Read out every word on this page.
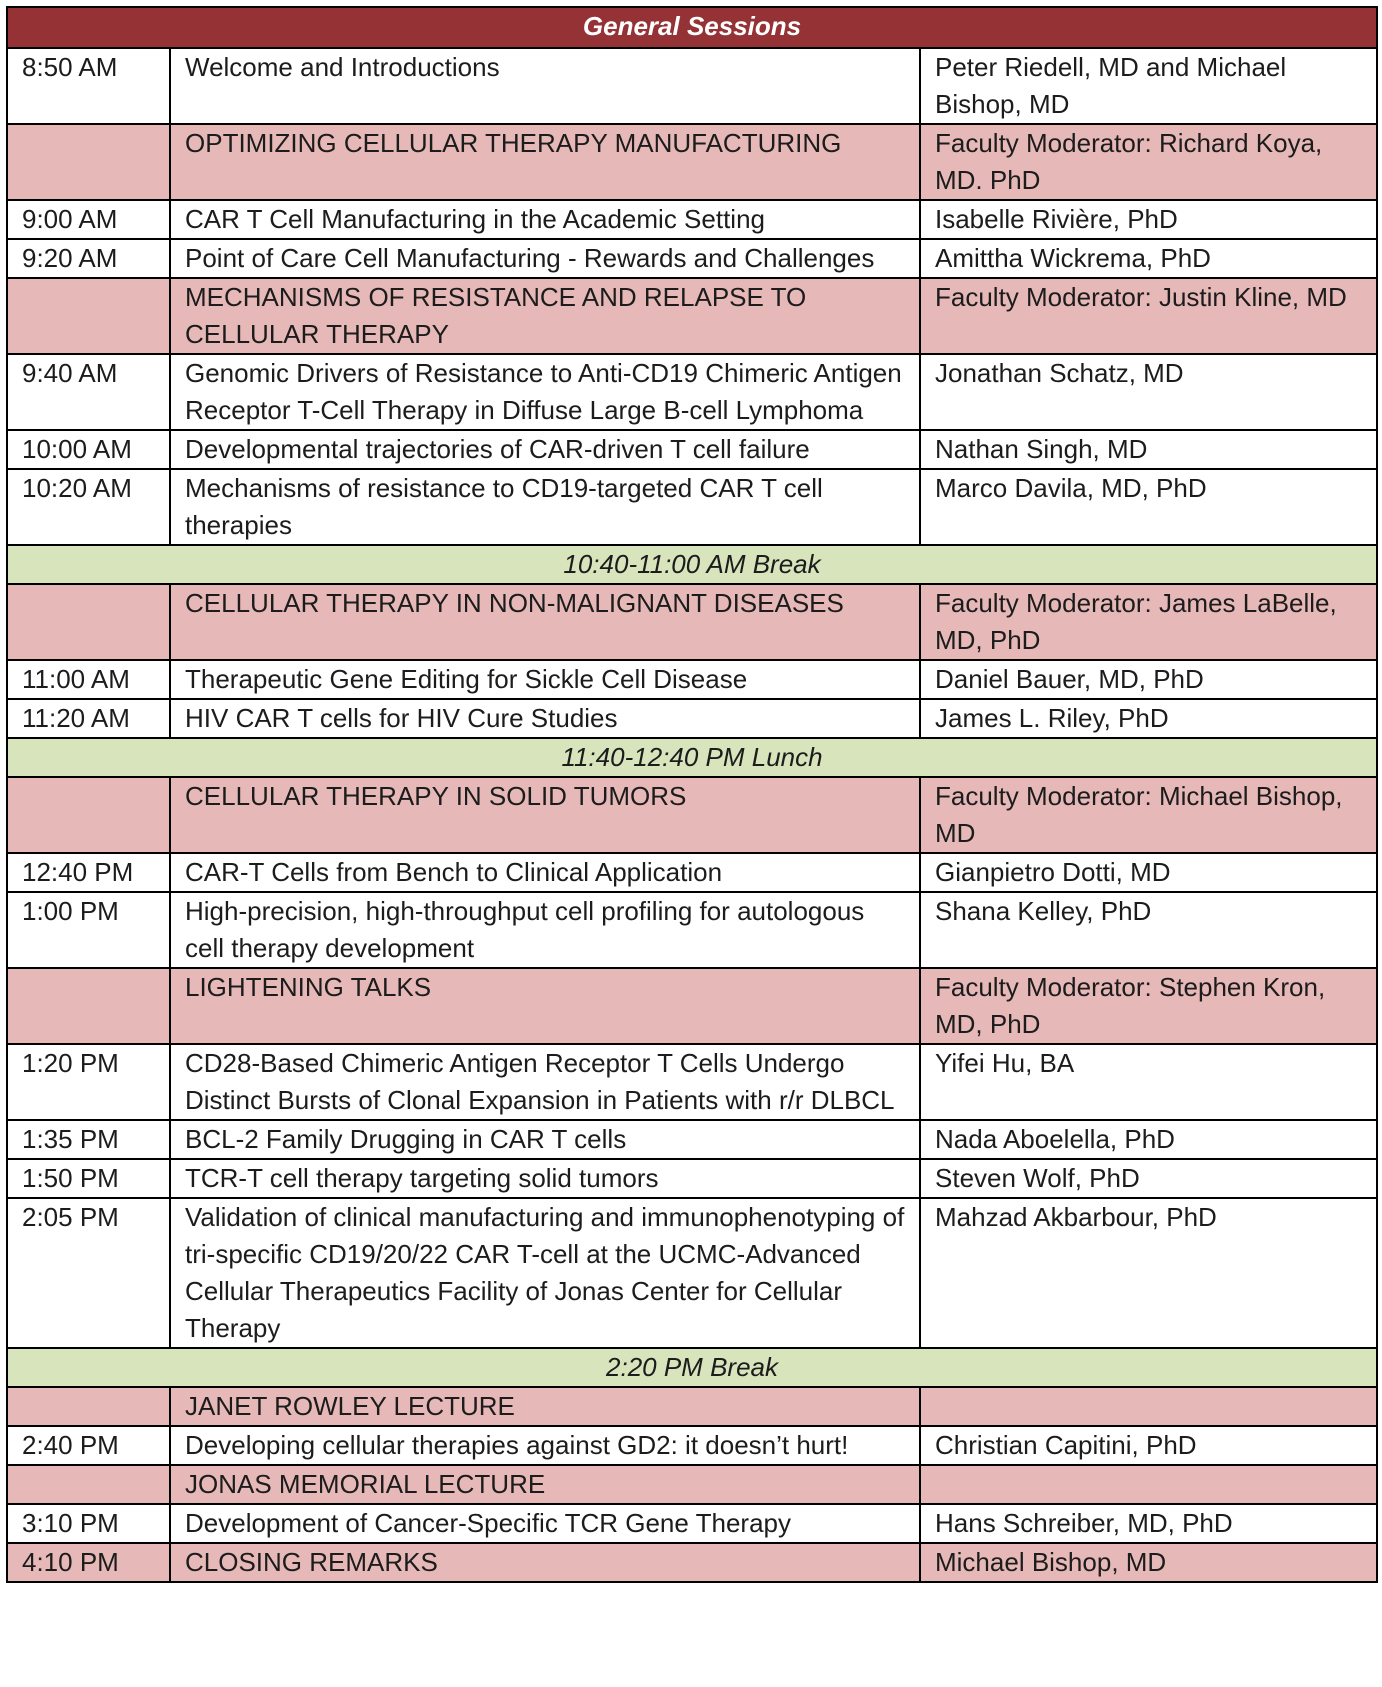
General Sessions		
8:50 AM	Welcome and Introductions	Peter Riedell, MD and Michael Bishop, MD
	OPTIMIZING CELLULAR THERAPY MANUFACTURING	Faculty Moderator: Richard Koya, MD. PhD
9:00 AM	CAR T Cell Manufacturing in the Academic Setting	Isabelle Rivière, PhD
9:20 AM	Point of Care Cell Manufacturing - Rewards and Challenges	Amittha Wickrema, PhD
	MECHANISMS OF RESISTANCE AND RELAPSE TO CELLULAR THERAPY	Faculty Moderator: Justin Kline, MD
9:40 AM	Genomic Drivers of Resistance to Anti-CD19 Chimeric Antigen Receptor T-Cell Therapy in Diffuse Large B-cell Lymphoma	Jonathan Schatz, MD
10:00 AM	Developmental trajectories of CAR-driven T cell failure	Nathan Singh, MD
10:20 AM	Mechanisms of resistance to CD19-targeted CAR T cell therapies	Marco Davila, MD, PhD
10:40-11:00 AM Break		
	CELLULAR THERAPY IN NON-MALIGNANT DISEASES	Faculty Moderator: James LaBelle, MD, PhD
11:00 AM	Therapeutic Gene Editing for Sickle Cell Disease	Daniel Bauer, MD, PhD
11:20 AM	HIV CAR T cells for HIV Cure Studies	James L. Riley, PhD
11:40-12:40 PM Lunch		
	CELLULAR THERAPY IN SOLID TUMORS	Faculty Moderator: Michael Bishop, MD
12:40 PM	CAR-T Cells from Bench to Clinical Application	Gianpietro Dotti, MD
1:00 PM	High-precision, high-throughput cell profiling for autologous cell therapy development	Shana Kelley, PhD
	LIGHTENING TALKS	Faculty Moderator: Stephen Kron, MD, PhD
1:20 PM	CD28-Based Chimeric Antigen Receptor T Cells Undergo Distinct Bursts of Clonal Expansion in Patients with r/r DLBCL	Yifei Hu, BA
1:35 PM	BCL-2 Family Drugging in CAR T cells	Nada Aboelella, PhD
1:50 PM	TCR-T cell therapy targeting solid tumors	Steven Wolf, PhD
2:05 PM	Validation of clinical manufacturing and immunophenotyping of tri-specific CD19/20/22 CAR T-cell at the UCMC-Advanced Cellular Therapeutics Facility of Jonas Center for Cellular Therapy	Mahzad Akbarbour, PhD
2:20 PM Break		
	JANET ROWLEY LECTURE	
2:40 PM	Developing cellular therapies against GD2: it doesn’t hurt!	Christian Capitini, PhD
	JONAS MEMORIAL LECTURE	
3:10 PM	Development of Cancer-Specific TCR Gene Therapy	Hans Schreiber, MD, PhD
4:10 PM	CLOSING REMARKS	Michael Bishop, MD
